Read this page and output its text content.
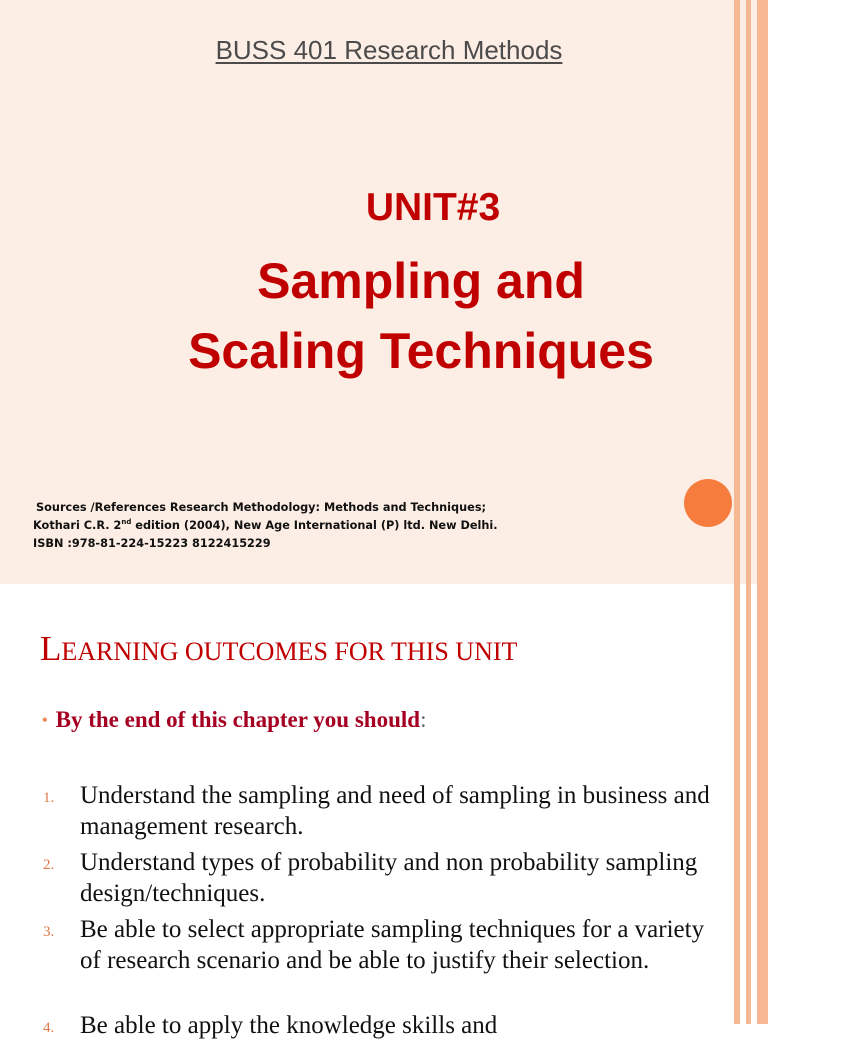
BUSS 401 Research Methods
UNIT#3
Sampling and
Scaling Techniques
Sources /References Research Methodology: Methods and Techniques;
Kothari C.R. 2nd edition (2004), New Age International (P) ltd. New Delhi.
ISBN :978-81-224-15223 8122415229
LEARNING OUTCOMES FOR THIS UNIT
• By the end of this chapter you should:
1. Understand the sampling and need of sampling in business and management research.
2. Understand types of probability and non probability sampling design/techniques.
3. Be able to select appropriate sampling techniques for a variety of research scenario and be able to justify their selection.
4. Be able to apply the knowledge skills and
